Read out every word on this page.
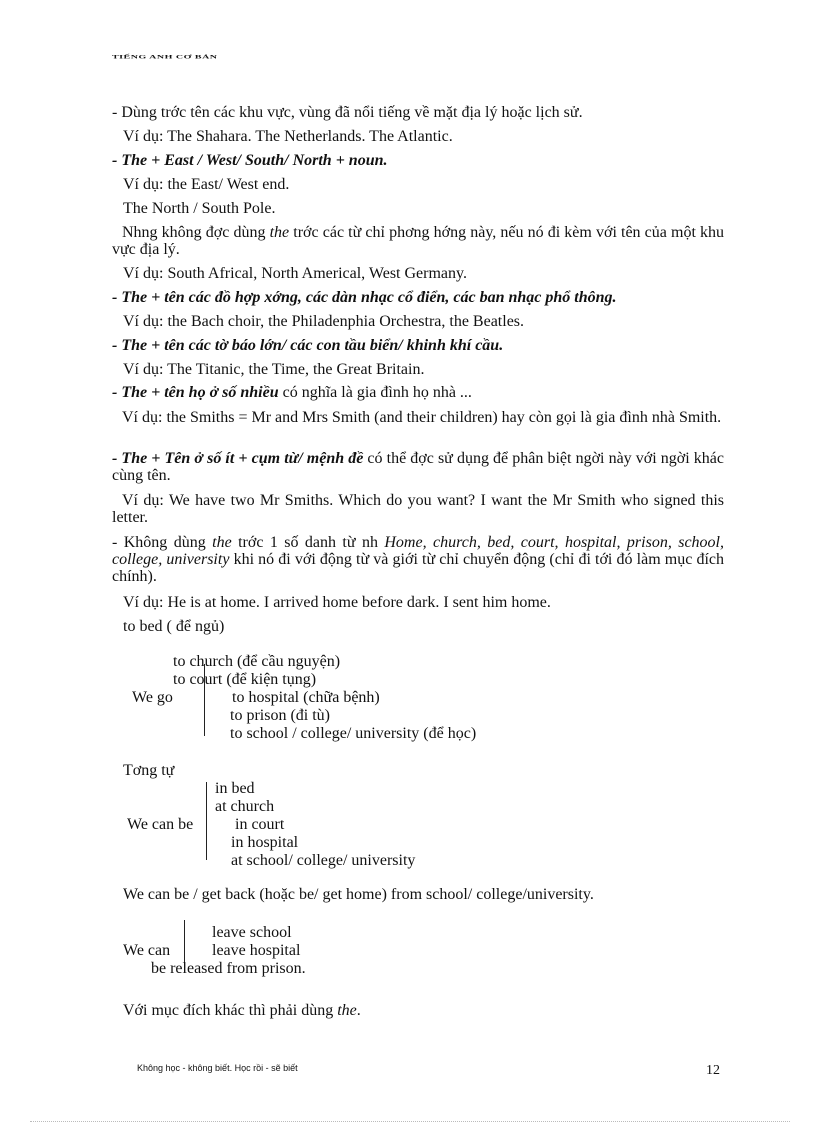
TIẾNG ANH CƠ BẢN
- Dùng trớc tên các khu vực, vùng đã nổi tiếng về mặt địa lý hoặc lịch sử.
Ví dụ: The Shahara. The Netherlands. The Atlantic.
- The + East / West/ South/ North + noun.
Ví dụ: the East/ West end.
The North / South Pole.
Nhng không đợc dùng the trớc các từ chỉ phơng hớng này, nếu nó đi kèm với tên của một khu vực địa lý.
Ví dụ: South Africal, North Americal, West Germany.
- The + tên các đồ hợp xớng, các dàn nhạc cổ điển, các ban nhạc phổ thông.
Ví dụ: the Bach choir, the Philadenphia Orchestra, the Beatles.
- The + tên các tờ báo lớn/ các con tầu biển/ khinh khí cầu.
Ví dụ: The Titanic, the Time, the Great Britain.
- The + tên họ ở số nhiều có nghĩa là gia đình họ nhà ...
Ví dụ: the Smiths = Mr and Mrs Smith (and their children) hay còn gọi là gia đình nhà Smith.
- The + Tên ở số ít + cụm từ/ mệnh đề có thể đợc sử dụng để phân biệt ngời này với ngời khác cùng tên.
Ví dụ: We have two Mr Smiths. Which do you want? I want the Mr Smith who signed this letter.
- Không dùng the trớc 1 số danh từ nh Home, church, bed, court, hospital, prison, school, college, university khi nó đi với động từ và giới từ chỉ chuyển động (chỉ đi tới đó làm mục đích chính).
Ví dụ: He is at home. I arrived home before dark. I sent him home.
to bed ( để ngủ)
We go
to church (để cầu nguyện)
to court (để kiện tụng)
to hospital (chữa bệnh)
to prison (đi tù)
to school / college/ university (để học)
Tơng tự
We can be
in bed
at church
in court
in hospital
at school/ college/ university
We can be / get back (hoặc be/ get home) from school/ college/university.
We can
leave school
leave hospital
be released from prison.
Với mục đích khác thì phải dùng the.
Không học - không biết. Học rồi - sẽ biết	12
